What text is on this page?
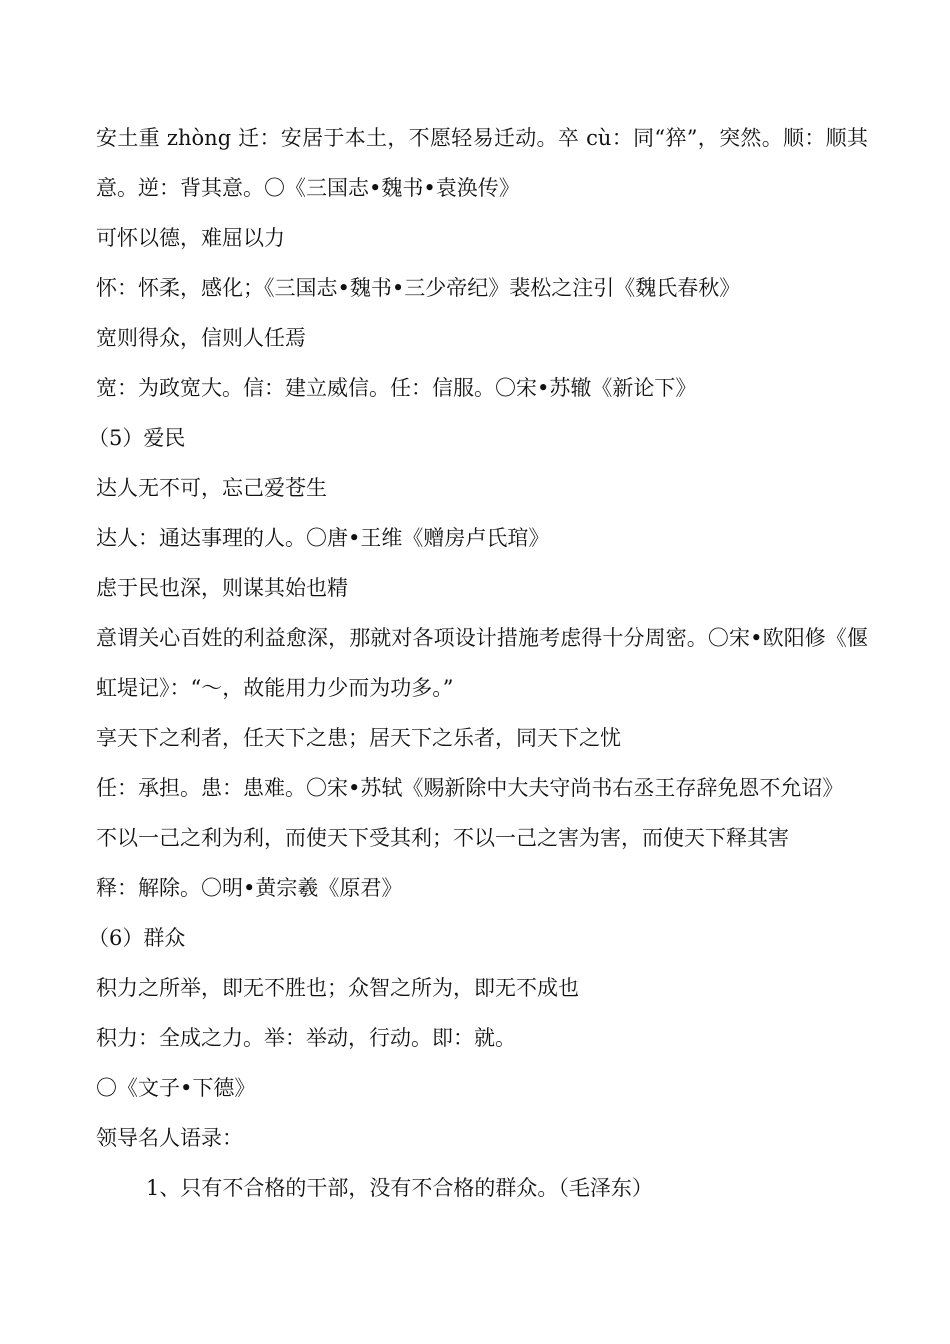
安土重 zhòng 迁：安居于本土，不愿轻易迁动。卒 cù：同“猝”，突然。顺：顺其意。逆：背其意。〇《三国志•魏书•袁涣传》
可怀以德，难屈以力
怀：怀柔，感化；《三国志•魏书•三少帝纪》裴松之注引《魏氏春秋》
宽则得众，信则人任焉
宽：为政宽大。信：建立威信。任：信服。〇宋•苏辙《新论下》
（5）爱民
达人无不可，忘己爱苍生
达人：通达事理的人。〇唐•王维《赠房卢氏琯》
虑于民也深，则谋其始也精
意谓关心百姓的利益愈深，那就对各项设计措施考虑得十分周密。〇宋•欧阳修《偃虹堤记》：“～，故能用力少而为功多。”
享天下之利者，任天下之患；居天下之乐者，同天下之忧
任：承担。患：患难。〇宋•苏轼《赐新除中大夫守尚书右丞王存辞免恩不允诏》
不以一己之利为利，而使天下受其利；不以一己之害为害，而使天下释其害
释：解除。〇明•黄宗羲《原君》
（6）群众
积力之所举，即无不胜也；众智之所为，即无不成也
积力：全成之力。举：举动，行动。即：就。
〇《文子•下德》
领导名人语录：
1、只有不合格的干部，没有不合格的群众。（毛泽东）
